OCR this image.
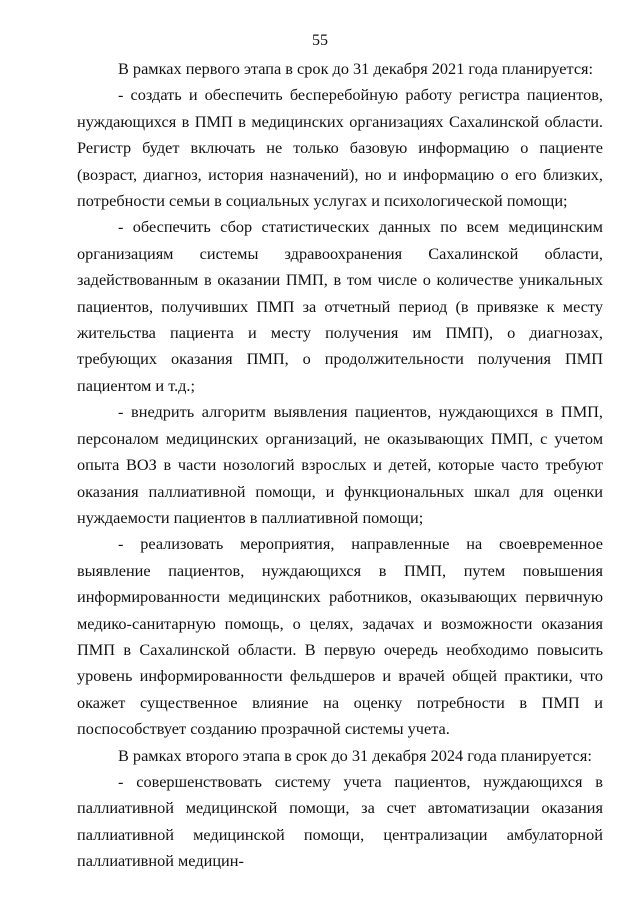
55

В рамках первого этапа в срок до 31 декабря 2021 года планируется:

- создать и обеспечить бесперебойную работу регистра пациентов, нуждающихся в ПМП в медицинских организациях Сахалинской области. Регистр будет включать не только базовую информацию о пациенте (возраст, диагноз, история назначений), но и информацию о его близких, потребности семьи в социальных услугах и психологической помощи;

- обеспечить сбор статистических данных по всем медицинским организациям системы здравоохранения Сахалинской области, задействованным в оказании ПМП, в том числе о количестве уникальных пациентов, получивших ПМП за отчетный период (в привязке к месту жительства пациента и месту получения им ПМП), о диагнозах, требующих оказания ПМП, о продолжительности получения ПМП пациентом и т.д.;

- внедрить алгоритм выявления пациентов, нуждающихся в ПМП, персоналом медицинских организаций, не оказывающих ПМП, с учетом опыта ВОЗ в части нозологий взрослых и детей, которые часто требуют оказания паллиативной помощи, и функциональных шкал для оценки нуждаемости пациентов в паллиативной помощи;

- реализовать мероприятия, направленные на своевременное выявление пациентов, нуждающихся в ПМП, путем повышения информированности медицинских работников, оказывающих первичную медико-санитарную помощь, о целях, задачах и возможности оказания ПМП в Сахалинской области. В первую очередь необходимо повысить уровень информированности фельдшеров и врачей общей практики, что окажет существенное влияние на оценку потребности в ПМП и поспособствует созданию прозрачной системы учета.

В рамках второго этапа в срок до 31 декабря 2024 года планируется:

- совершенствовать систему учета пациентов, нуждающихся в паллиативной медицинской помощи, за счет автоматизации оказания паллиативной медицинской помощи, централизации амбулаторной паллиативной медицин-
